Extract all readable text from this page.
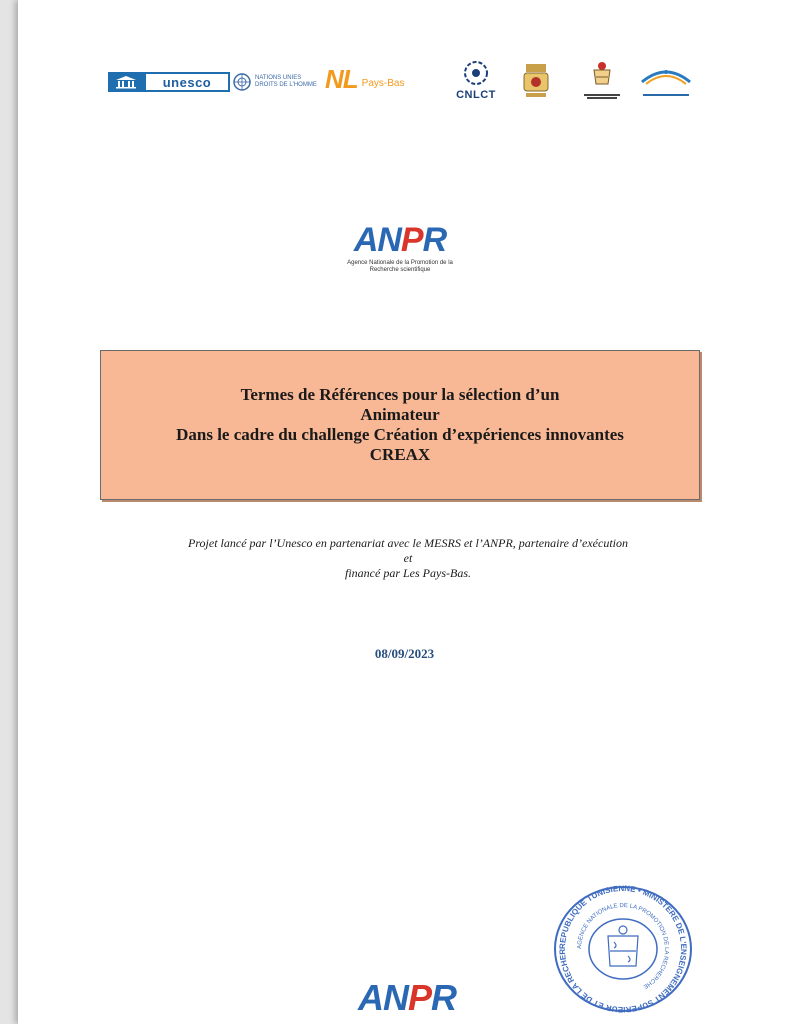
unesco	NATIONS UNIES DROITS DE L'HOMME NL Pays-Bas
CNLCT
ANPR
Agence Nationale de la Promotion de la Recherche scientifique
Termes de Références pour la sélection d’un
Animateur
Dans le cadre du challenge Création d’expériences innovantes
CREAX
Projet lancé par l’Unesco en partenariat avec le MESRS et l’ANPR, partenaire d’exécution
et
financé par Les Pays-Bas.
08/09/2023
REPUBLIQUE TUNISIENNE • MINISTERE DE L'ENSEIGNEMENT SUPERIEUR ET DE LA RECHER
AGENCE NATIONALE DE LA PROMOTION DE LA RECHERCHE
ANPR
